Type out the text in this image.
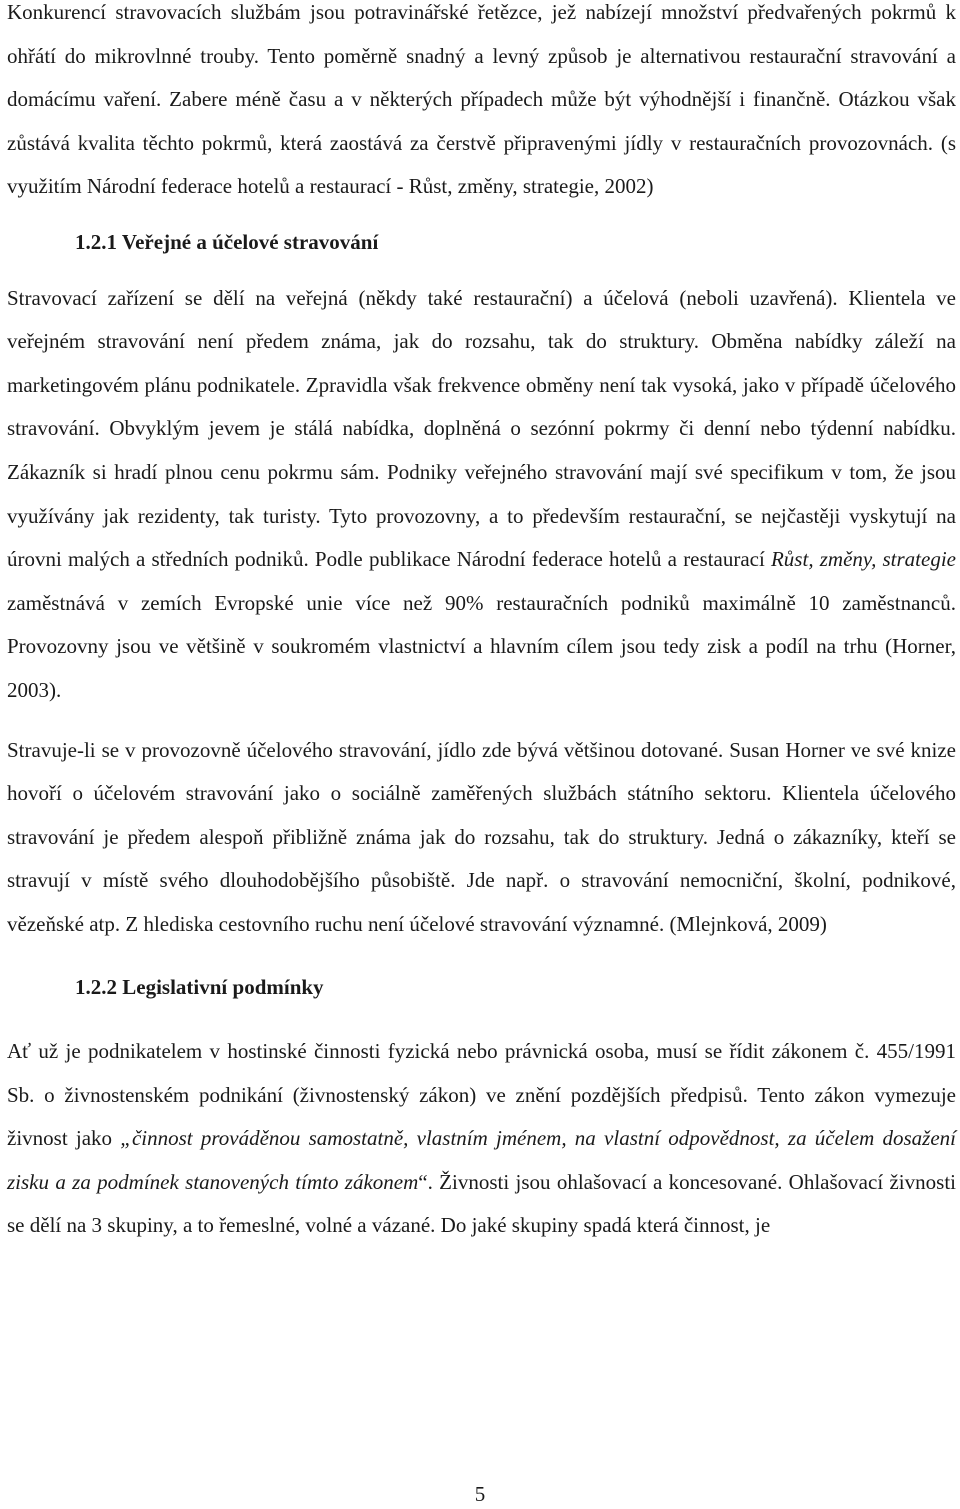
Konkurencí stravovacích službám jsou potravinářské řetězce, jež nabízejí množství předvařených pokrmů k ohřátí do mikrovlnné trouby. Tento poměrně snadný a levný způsob je alternativou restaurační stravování a domácímu vaření. Zabere méně času a v některých případech může být výhodnější i finančně. Otázkou však zůstává kvalita těchto pokrmů, která zaostává za čerstvě připravenými jídly v restauračních provozovnách. (s využitím Národní federace hotelů a restaurací - Růst, změny, strategie, 2002)

1.2.1 Veřejné a účelové stravování

Stravovací zařízení se dělí na veřejná (někdy také restaurační) a účelová (neboli uzavřená). Klientela ve veřejném stravování není předem známa, jak do rozsahu, tak do struktury. Obměna nabídky záleží na marketingovém plánu podnikatele. Zpravidla však frekvence obměny není tak vysoká, jako v případě účelového stravování. Obvyklým jevem je stálá nabídka, doplněná o sezónní pokrmy či denní nebo týdenní nabídku. Zákazník si hradí plnou cenu pokrmu sám. Podniky veřejného stravování mají své specifikum v tom, že jsou využívány jak rezidenty, tak turisty. Tyto provozovny, a to především restaurační, se nejčastěji vyskytují na úrovni malých a středních podniků. Podle publikace Národní federace hotelů a restaurací Růst, změny, strategie zaměstnává v zemích Evropské unie více než 90% restauračních podniků maximálně 10 zaměstnanců. Provozovny jsou ve většině v soukromém vlastnictví a hlavním cílem jsou tedy zisk a podíl na trhu (Horner, 2003).

Stravuje-li se v provozovně účelového stravování, jídlo zde bývá většinou dotované. Susan Horner ve své knize hovoří o účelovém stravování jako o sociálně zaměřených službách státního sektoru. Klientela účelového stravování je předem alespoň přibližně známa jak do rozsahu, tak do struktury. Jedná o zákazníky, kteří se stravují v místě svého dlouhodobějšího působiště. Jde např. o stravování nemocniční, školní, podnikové, vězeňské atp. Z hlediska cestovního ruchu není účelové stravování významné. (Mlejnková, 2009)

1.2.2 Legislativní podmínky

Ať už je podnikatelem v hostinské činnosti fyzická nebo právnická osoba, musí se řídit zákonem č. 455/1991 Sb. o živnostenském podnikání (živnostenský zákon) ve znění pozdějších předpisů. Tento zákon vymezuje živnost jako „činnost prováděnou samostatně, vlastním jménem, na vlastní odpovědnost, za účelem dosažení zisku a za podmínek stanovených tímto zákonem“. Živnosti jsou ohlašovací a koncesované. Ohlašovací živnosti se dělí na 3 skupiny, a to řemeslné, volné a vázané. Do jaké skupiny spadá která činnost, je

5
